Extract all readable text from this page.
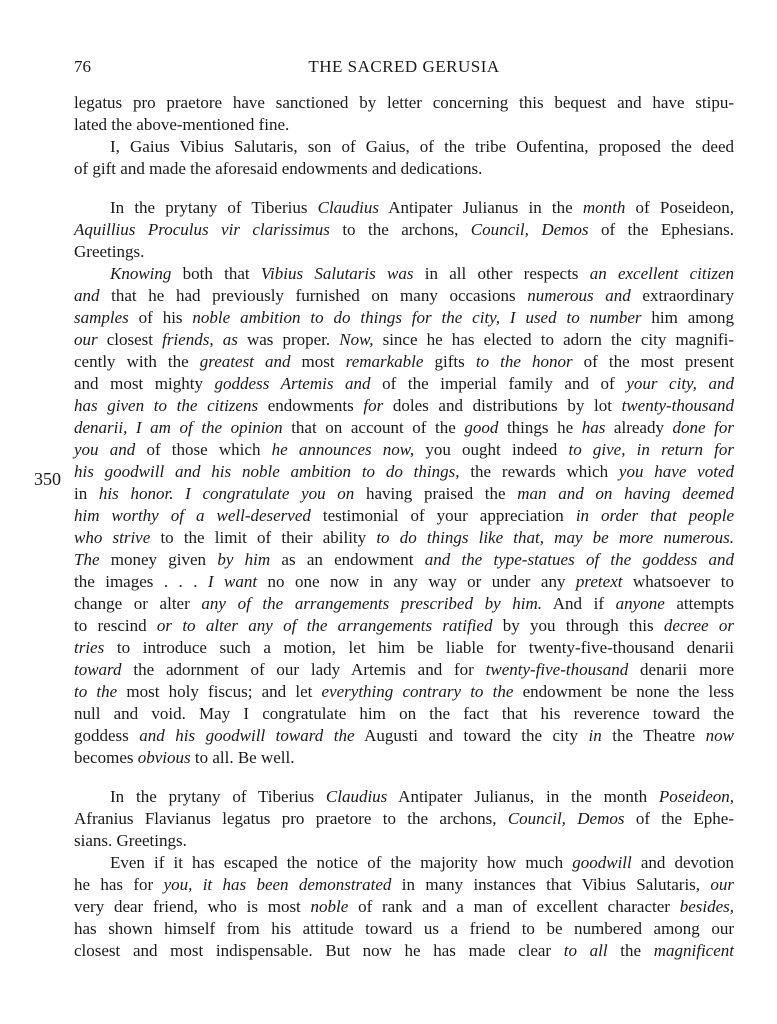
76	THE SACRED GERUSIA
350
legatus pro praetore have sanctioned by letter concerning this bequest and have stipu-
lated the above-mentioned fine.
I, Gaius Vibius Salutaris, son of Gaius, of the tribe Oufentina, proposed the deed
of gift and made the aforesaid endowments and dedications.
In the prytany of Tiberius Claudius Antipater Julianus in the month of Poseideon,
Aquillius Proculus vir clarissimus to the archons, Council, Demos of the Ephesians.
Greetings.
Knowing both that Vibius Salutaris was in all other respects an excellent citizen
and that he had previously furnished on many occasions numerous and extraordinary
samples of his noble ambition to do things for the city, I used to number him among
our closest friends, as was proper. Now, since he has elected to adorn the city magnifi-
cently with the greatest and most remarkable gifts to the honor of the most present
and most mighty goddess Artemis and of the imperial family and of your city, and
has given to the citizens endowments for doles and distributions by lot twenty-thousand
denarii, I am of the opinion that on account of the good things he has already done for
you and of those which he announces now, you ought indeed to give, in return for
his goodwill and his noble ambition to do things, the rewards which you have voted
in his honor. I congratulate you on having praised the man and on having deemed
him worthy of a well-deserved testimonial of your appreciation in order that people
who strive to the limit of their ability to do things like that, may be more numerous.
The money given by him as an endowment and the type-statues of the goddess and
the images . . . I want no one now in any way or under any pretext whatsoever to
change or alter any of the arrangements prescribed by him. And if anyone attempts
to rescind or to alter any of the arrangements ratified by you through this decree or
tries to introduce such a motion, let him be liable for twenty-five-thousand denarii
toward the adornment of our lady Artemis and for twenty-five-thousand denarii more
to the most holy fiscus; and let everything contrary to the endowment be none the less
null and void. May I congratulate him on the fact that his reverence toward the
goddess and his goodwill toward the Augusti and toward the city in the Theatre now
becomes obvious to all. Be well.
In the prytany of Tiberius Claudius Antipater Julianus, in the month Poseideon,
Afranius Flavianus legatus pro praetore to the archons, Council, Demos of the Ephe-
sians. Greetings.
Even if it has escaped the notice of the majority how much goodwill and devotion
he has for you, it has been demonstrated in many instances that Vibius Salutaris, our
very dear friend, who is most noble of rank and a man of excellent character besides,
has shown himself from his attitude toward us a friend to be numbered among our
closest and most indispensable. But now he has made clear to all the magnificent
